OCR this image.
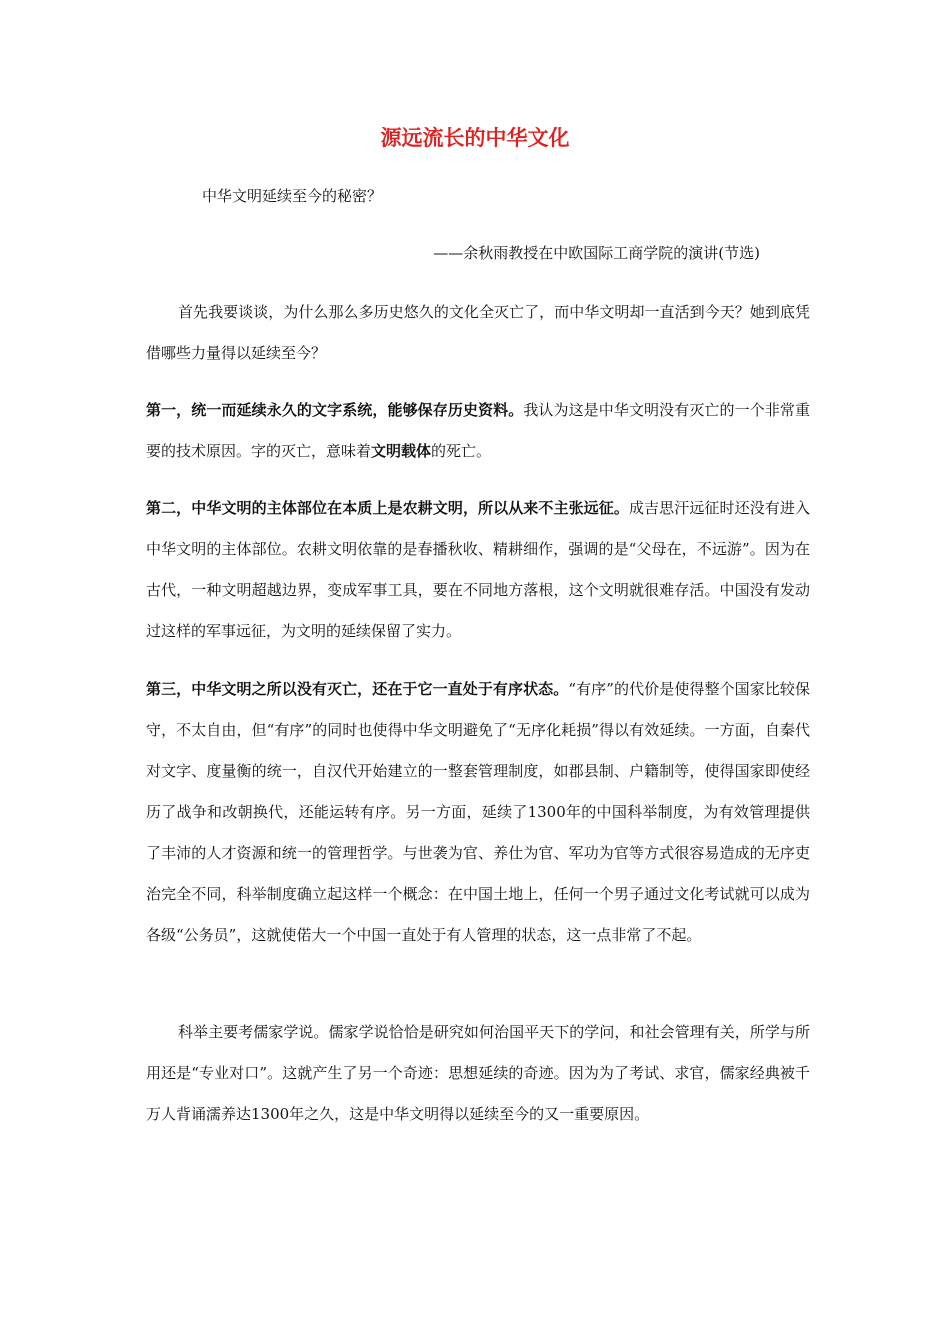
源远流长的中华文化

中华文明延续至今的秘密？

——余秋雨教授在中欧国际工商学院的演讲(节选)

首先我要谈谈，为什么那么多历史悠久的文化全灭亡了，而中华文明却一直活到今天？她到底凭借哪些力量得以延续至今？

第一，统一而延续永久的文字系统，能够保存历史资料。我认为这是中华文明没有灭亡的一个非常重要的技术原因。字的灭亡，意味着文明载体的死亡。

第二，中华文明的主体部位在本质上是农耕文明，所以从来不主张远征。成吉思汗远征时还没有进入中华文明的主体部位。农耕文明依靠的是春播秋收、精耕细作，强调的是“父母在，不远游”。因为在古代，一种文明超越边界，变成军事工具，要在不同地方落根，这个文明就很难存活。中国没有发动过这样的军事远征，为文明的延续保留了实力。

第三，中华文明之所以没有灭亡，还在于它一直处于有序状态。“有序”的代价是使得整个国家比较保守，不太自由，但“有序”的同时也使得中华文明避免了“无序化耗损”得以有效延续。一方面，自秦代对文字、度量衡的统一，自汉代开始建立的一整套管理制度，如郡县制、户籍制等，使得国家即使经历了战争和改朝换代，还能运转有序。另一方面，延续了1300年的中国科举制度，为有效管理提供了丰沛的人才资源和统一的管理哲学。与世袭为官、养仕为官、军功为官等方式很容易造成的无序吏治完全不同，科举制度确立起这样一个概念：在中国土地上，任何一个男子通过文化考试就可以成为各级“公务员”，这就使偌大一个中国一直处于有人管理的状态，这一点非常了不起。

科举主要考儒家学说。儒家学说恰恰是研究如何治国平天下的学问，和社会管理有关，所学与所用还是“专业对口”。这就产生了另一个奇迹：思想延续的奇迹。因为为了考试、求官，儒家经典被千万人背诵濡养达1300年之久，这是中华文明得以延续至今的又一重要原因。
